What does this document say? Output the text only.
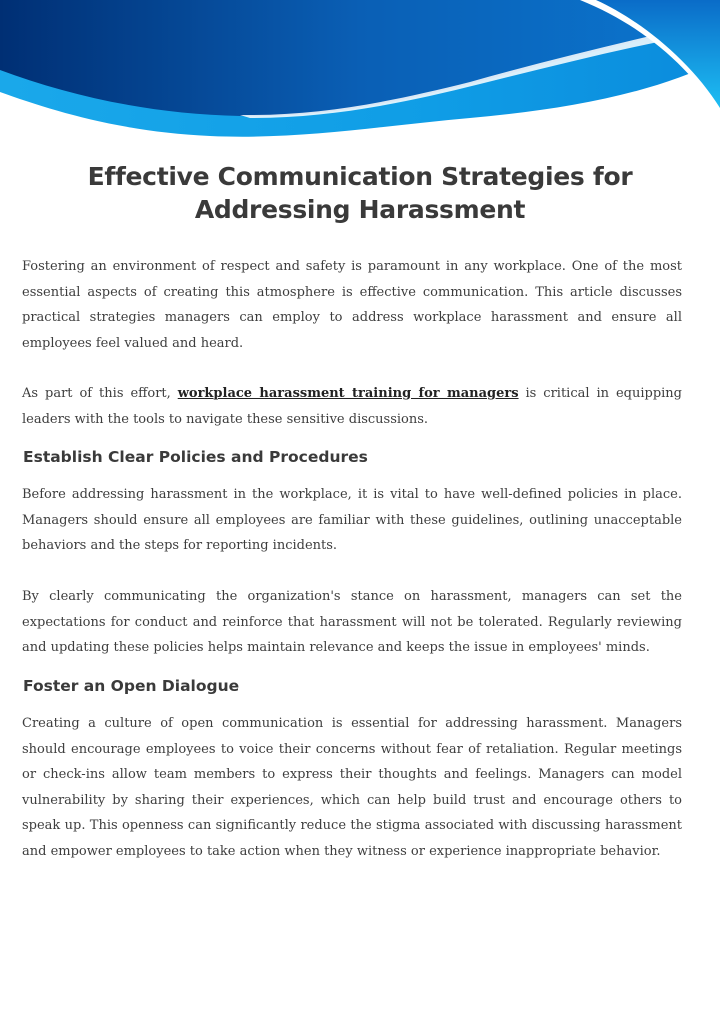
Effective Communication Strategies for Addressing Harassment

Fostering an environment of respect and safety is paramount in any workplace. One of the most essential aspects of creating this atmosphere is effective communication. This article discusses practical strategies managers can employ to address workplace harassment and ensure all employees feel valued and heard.

As part of this effort, workplace harassment training for managers is critical in equipping leaders with the tools to navigate these sensitive discussions.

Establish Clear Policies and Procedures

Before addressing harassment in the workplace, it is vital to have well-defined policies in place. Managers should ensure all employees are familiar with these guidelines, outlining unacceptable behaviors and the steps for reporting incidents.

By clearly communicating the organization's stance on harassment, managers can set the expectations for conduct and reinforce that harassment will not be tolerated. Regularly reviewing and updating these policies helps maintain relevance and keeps the issue in employees' minds.

Foster an Open Dialogue

Creating a culture of open communication is essential for addressing harassment. Managers should encourage employees to voice their concerns without fear of retaliation. Regular meetings or check-ins allow team members to express their thoughts and feelings. Managers can model vulnerability by sharing their experiences, which can help build trust and encourage others to speak up. This openness can significantly reduce the stigma associated with discussing harassment and empower employees to take action when they witness or experience inappropriate behavior.
